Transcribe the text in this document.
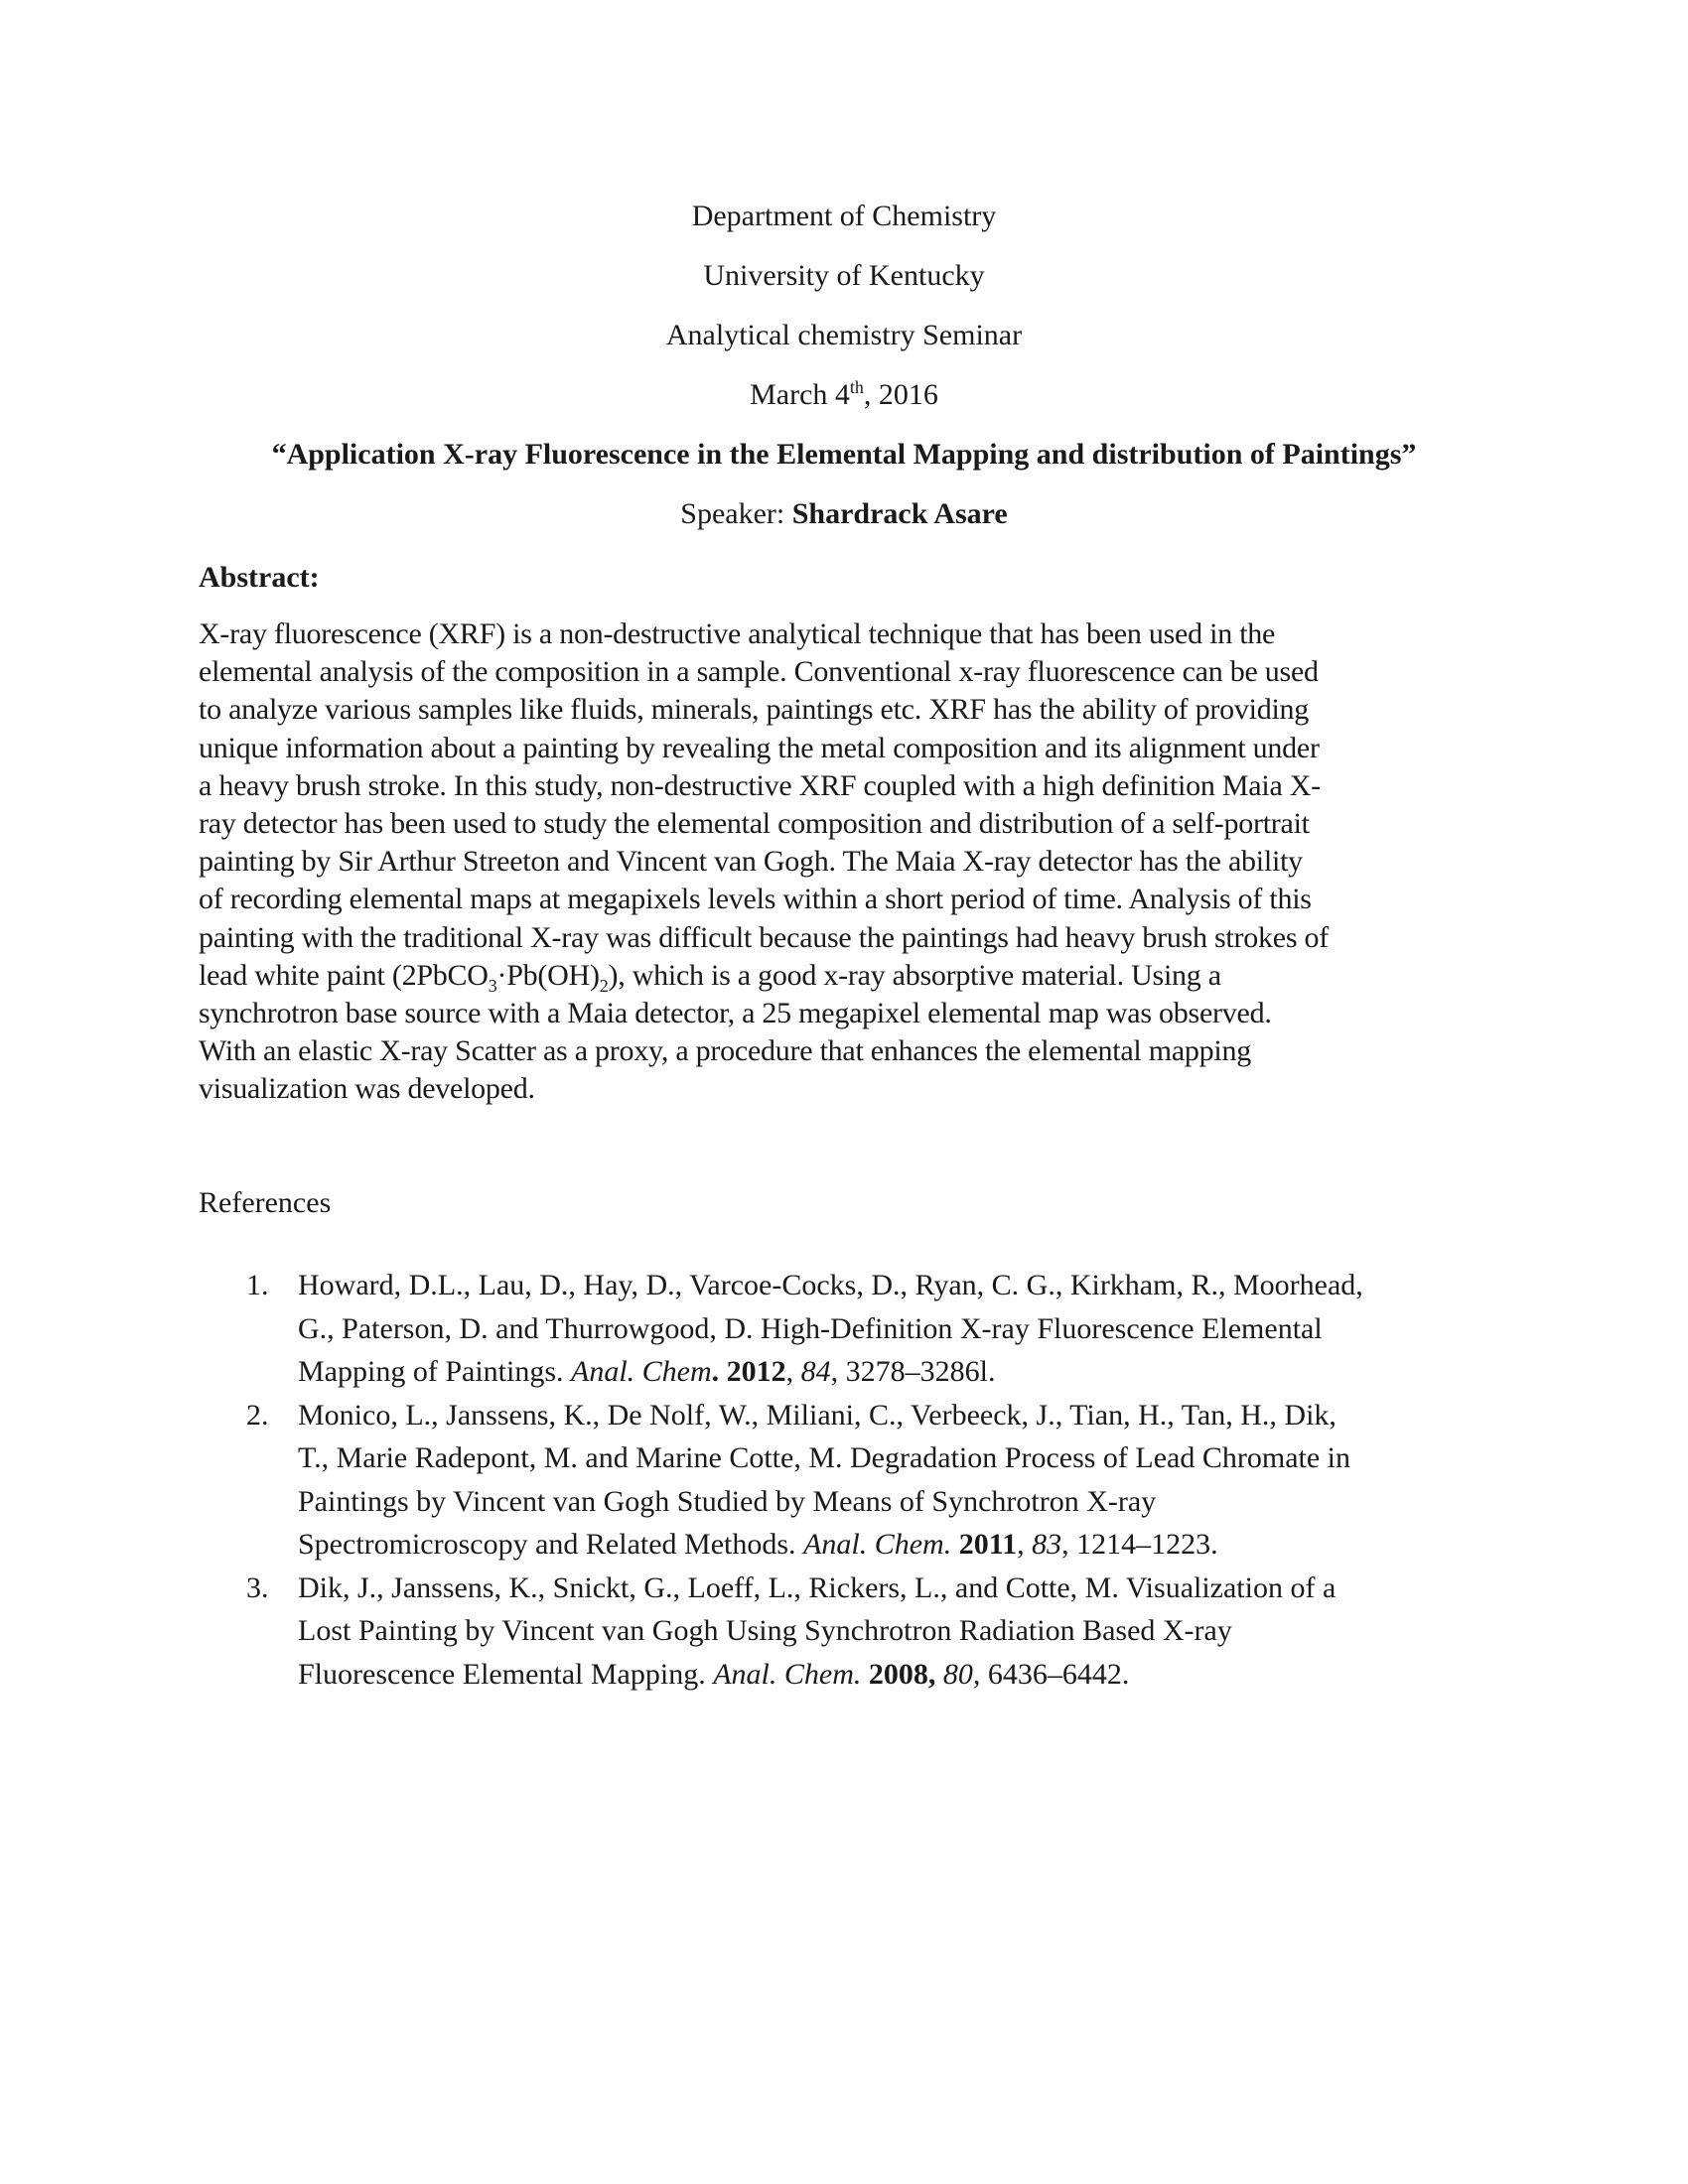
Department of Chemistry
University of Kentucky
Analytical chemistry Seminar
March 4th, 2016
“Application X-ray Fluorescence in the Elemental Mapping and distribution of Paintings”
Speaker: Shardrack Asare
Abstract:
X-ray fluorescence (XRF) is a non-destructive analytical technique that has been used in the
elemental analysis of the composition in a sample. Conventional x-ray fluorescence can be used
to analyze various samples like fluids, minerals, paintings etc. XRF has the ability of providing
unique information about a painting by revealing the metal composition and its alignment under
a heavy brush stroke. In this study, non-destructive XRF coupled with a high definition Maia X-
ray detector has been used to study the elemental composition and distribution of a self-portrait
painting by Sir Arthur Streeton and Vincent van Gogh. The Maia X-ray detector has the ability
of recording elemental maps at megapixels levels within a short period of time. Analysis of this
painting with the traditional X-ray was difficult because the paintings had heavy brush strokes of
lead white paint $(2PbCO_3\cdot Pb(OH)_2)$, which is a good x-ray absorptive material. Using a
synchrotron base source with a Maia detector, a 25 megapixel elemental map was observed.
With an elastic X-ray Scatter as a proxy, a procedure that enhances the elemental mapping
visualization was developed.
References
1. Howard, D.L., Lau, D., Hay, D., Varcoe-Cocks, D., Ryan, C. G., Kirkham, R., Moorhead,
G., Paterson, D. and Thurrowgood, D. High-Definition X-ray Fluorescence Elemental
Mapping of Paintings. Anal. Chem. 2012, 84, 3278–3286l.
2. Monico, L., Janssens, K., De Nolf, W., Miliani, C., Verbeeck, J., Tian, H., Tan, H., Dik,
T., Marie Radepont, M. and Marine Cotte, M. Degradation Process of Lead Chromate in
Paintings by Vincent van Gogh Studied by Means of Synchrotron X-ray
Spectromicroscopy and Related Methods. Anal. Chem. 2011, 83, 1214–1223.
3. Dik, J., Janssens, K., Snickt, G., Loeff, L., Rickers, L., and Cotte, M. Visualization of a
Lost Painting by Vincent van Gogh Using Synchrotron Radiation Based X-ray
Fluorescence Elemental Mapping. Anal. Chem. 2008, 80, 6436–6442.
